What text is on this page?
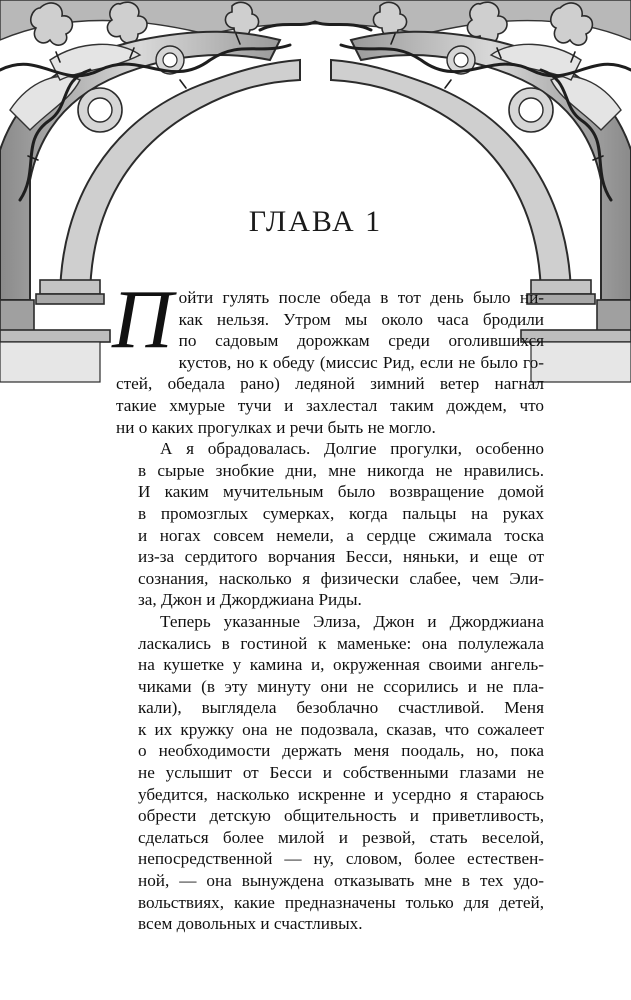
ГЛАВА 1

П ойти гулять после обеда в тот день было ни-
как нельзя. Утром мы около часа бродили
по садовым дорожкам среди оголившихся
кустов, но к обеду (миссис Рид, если не было го-
стей, обедала рано) ледяной зимний ветер нагнал
такие хмурые тучи и захлестал таким дождем, что
ни о каких прогулках и речи быть не могло.

А я обрадовалась. Долгие прогулки, особенно
в сырые знобкие дни, мне никогда не нравились.
И каким мучительным было возвращение домой
в промозглых сумерках, когда пальцы на руках
и ногах совсем немели, а сердце сжимала тоска
из-за сердитого ворчания Бесси, няньки, и еще от
сознания, насколько я физически слабее, чем Эли-
за, Джон и Джорджиана Риды.

Теперь указанные Элиза, Джон и Джорджиана
ласкались в гостиной к маменьке: она полулежала
на кушетке у камина и, окруженная своими ангель-
чиками (в эту минуту они не ссорились и не пла-
кали), выглядела безоблачно счастливой. Меня
к их кружку она не подозвала, сказав, что сожалеет
о необходимости держать меня поодаль, но, пока
не услышит от Бесси и собственными глазами не
убедится, насколько искренне и усердно я стараюсь
обрести детскую общительность и приветливость,
сделаться более милой и резвой, стать веселой,
непосредственной — ну, словом, более естествен-
ной, — она вынуждена отказывать мне в тех удо-
вольствиях, какие предназначены только для детей,
всем довольных и счастливых.
